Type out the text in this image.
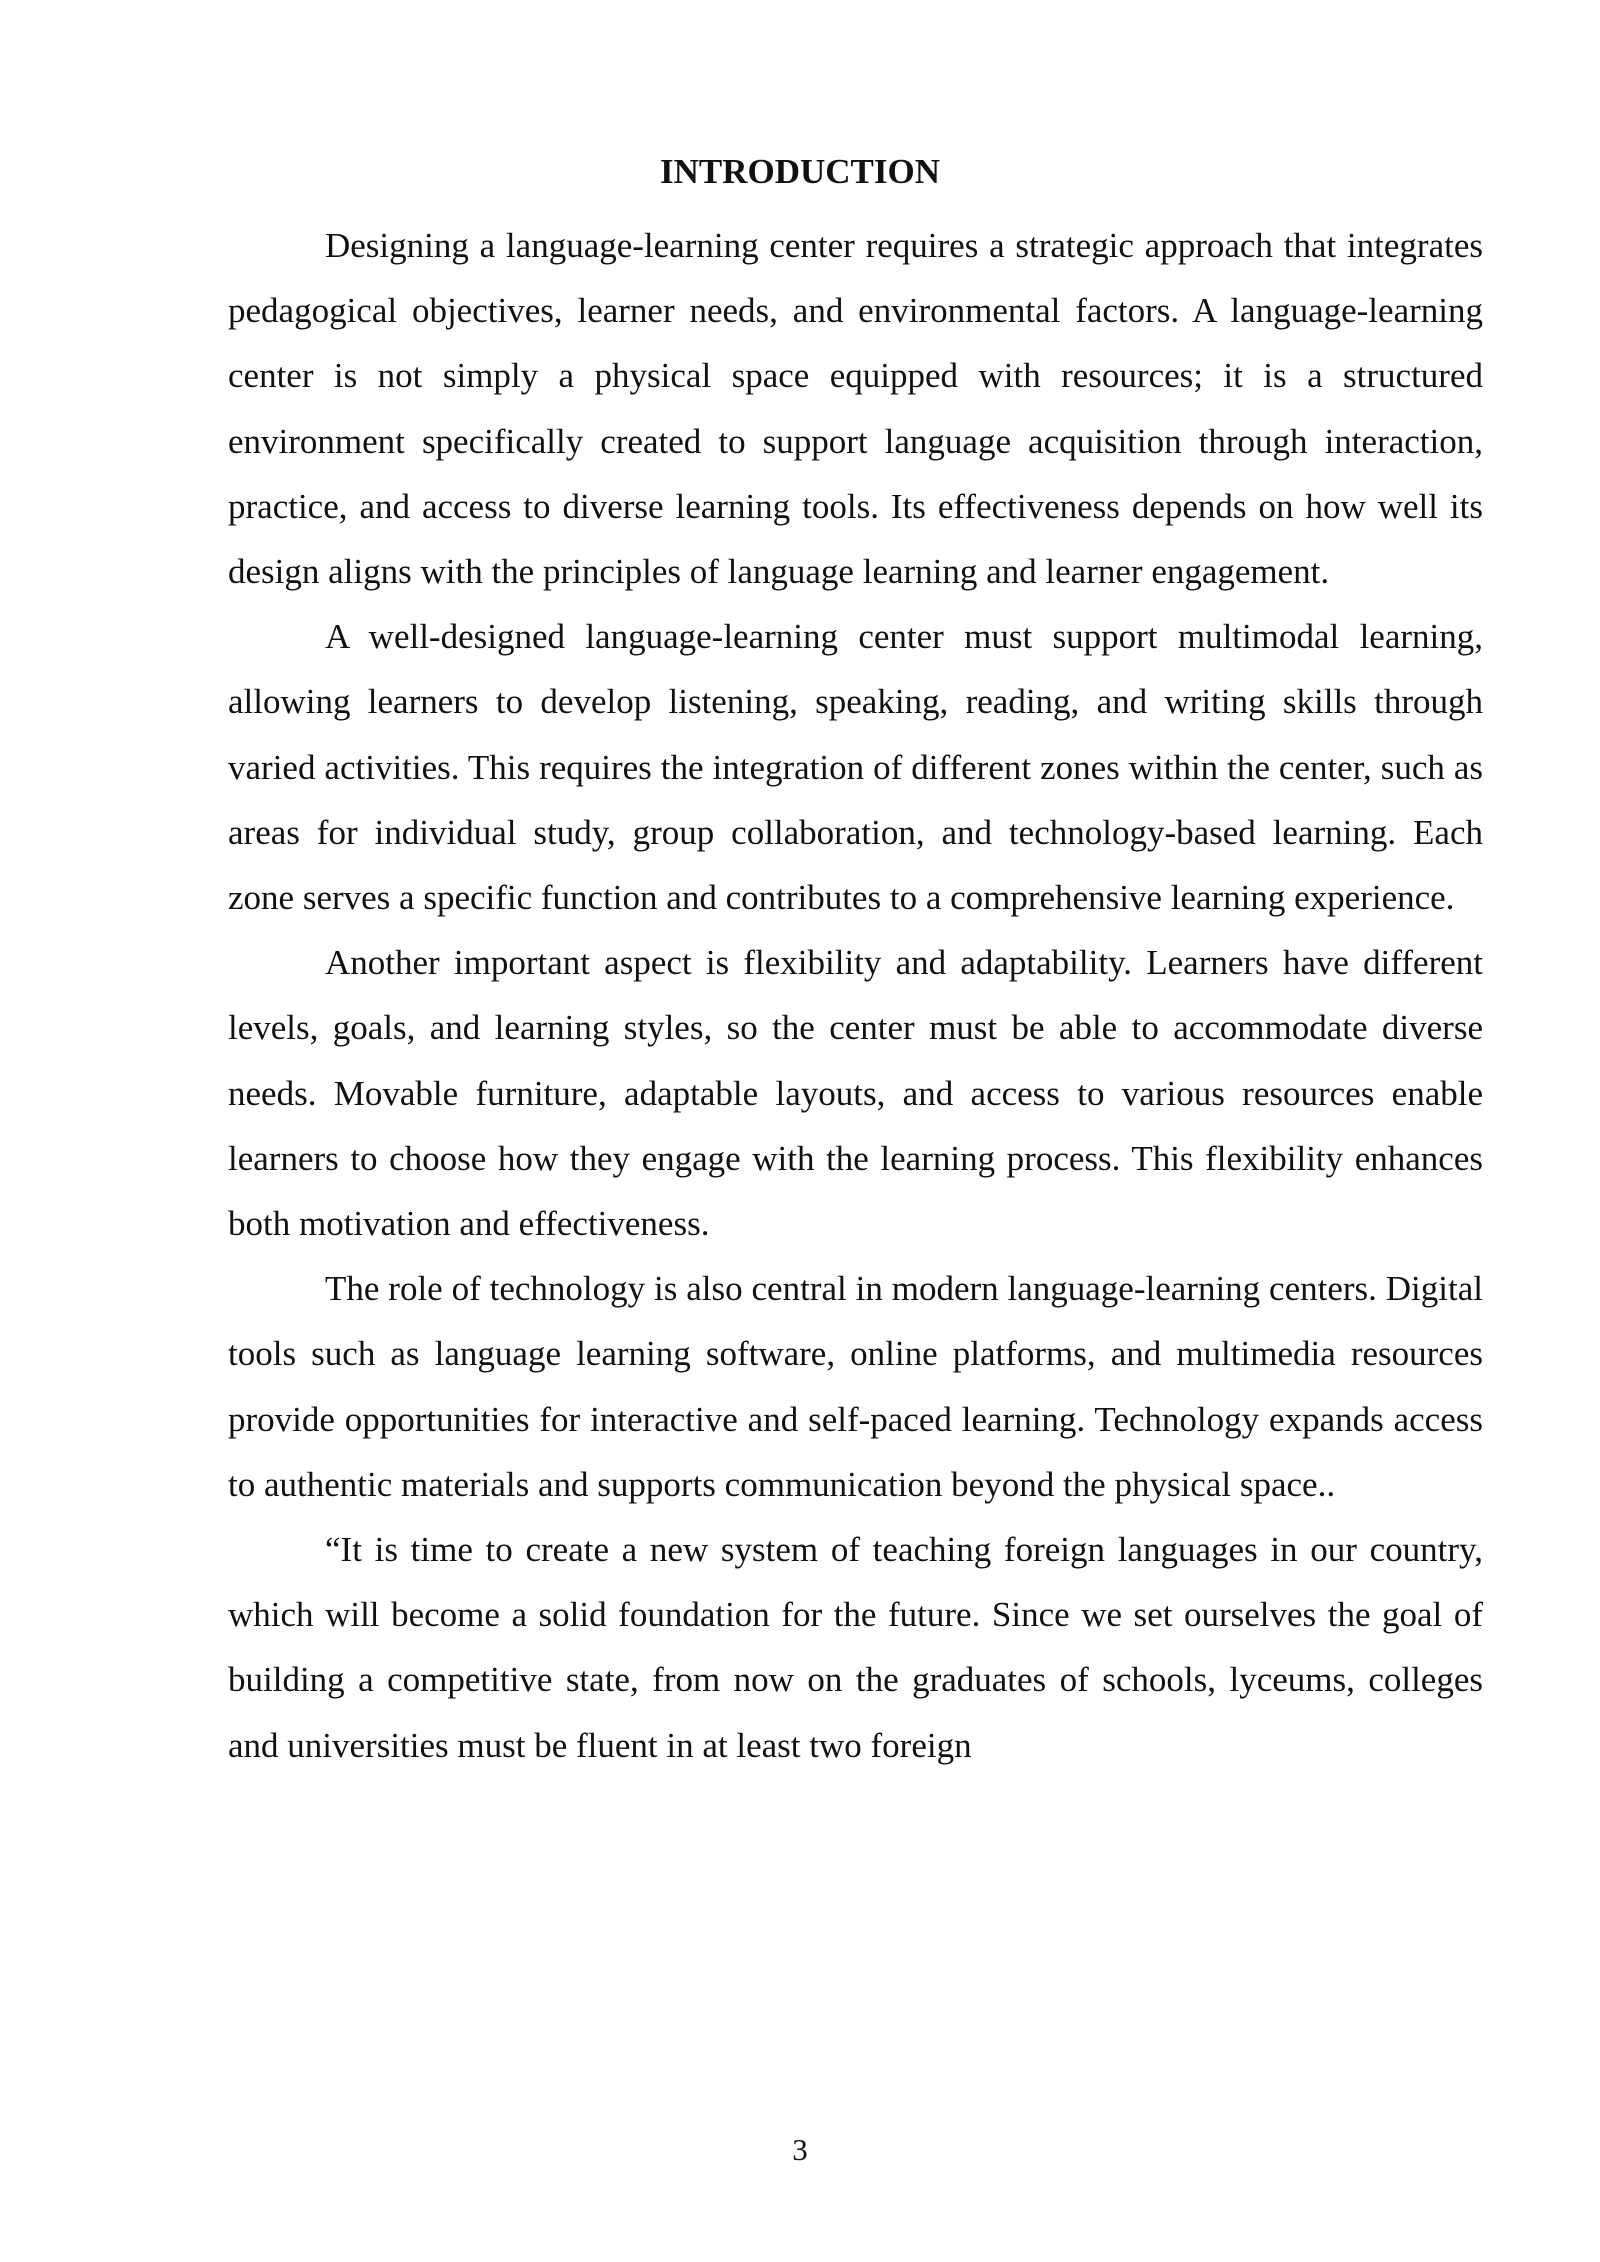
INTRODUCTION

Designing a language-learning center requires a strategic approach that integrates pedagogical objectives, learner needs, and environmental factors. A language-learning center is not simply a physical space equipped with resources; it is a structured environment specifically created to support language acquisition through interaction, practice, and access to diverse learning tools. Its effectiveness depends on how well its design aligns with the principles of language learning and learner engagement.

A well-designed language-learning center must support multimodal learning, allowing learners to develop listening, speaking, reading, and writing skills through varied activities. This requires the integration of different zones within the center, such as areas for individual study, group collaboration, and technology-based learning. Each zone serves a specific function and contributes to a comprehensive learning experience.

Another important aspect is flexibility and adaptability. Learners have different levels, goals, and learning styles, so the center must be able to accommodate diverse needs. Movable furniture, adaptable layouts, and access to various resources enable learners to choose how they engage with the learning process. This flexibility enhances both motivation and effectiveness.

The role of technology is also central in modern language-learning centers. Digital tools such as language learning software, online platforms, and multimedia resources provide opportunities for interactive and self-paced learning. Technology expands access to authentic materials and supports communication beyond the physical space..

“It is time to create a new system of teaching foreign languages in our country, which will become a solid foundation for the future. Since we set ourselves the goal of building a competitive state, from now on the graduates of schools, lyceums, colleges and universities must be fluent in at least two foreign

3
